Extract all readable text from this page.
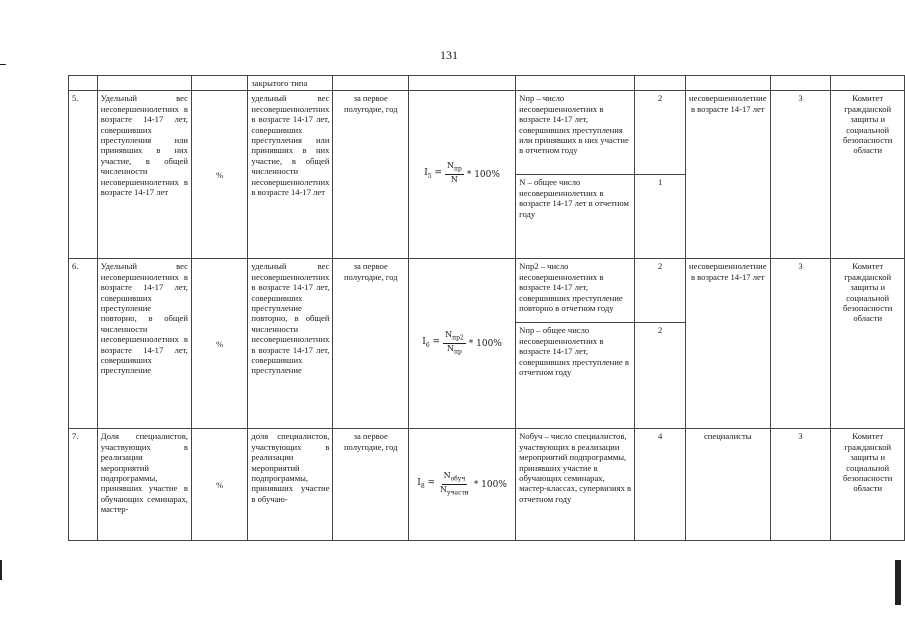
131
			закрытого типа							
5.	Удельный вес несовершеннолетних в возрасте 14-17 лет, совершивших преступления или принявших в них участие, в общей численности несовершеннолетних в возрасте 14-17 лет	%	удельный вес несовершеннолетних в возрасте 14-17 лет, совершивших преступления или принявших в них участие, в общей численности несовершеннолетних в возрасте 14-17 лет	за первое полугодие, год	$I_5 = \frac{N_{пр}}{N} * 100\%$	Nпр – число несовершеннолетних в возрасте 14-17 лет, совершивших преступления или принявших в них участие в отчетном году	2	несовершеннолетние в возрасте 14-17 лет	3	Комитет гражданской защиты и социальной безопасности области
						N – общее число несовершеннолетних в возрасте 14-17 лет в отчетном году	1			
6.	Удельный вес несовершеннолетних в возрасте 14-17 лет, совершивших преступление повторно, в общей численности несовершеннолетних в возрасте 14-17 лет, совершивших преступление	%	удельный вес несовершеннолетних в возрасте 14-17 лет, совершивших преступление повторно, в общей численности несовершеннолетних в возрасте 14-17 лет, совершивших преступление	за первое полугодие, год	$I_6 = \frac{N_{пр2}}{N_{пр}} * 100\%$	Nпр2 – число несовершеннолетних в возрасте 14-17 лет, совершивших преступление повторно в отчетном году	2	несовершеннолетние в возрасте 14-17 лет	3	Комитет гражданской защиты и социальной безопасности области
						Nпр – общее число несовершеннолетних в возрасте 14-17 лет, совершивших преступление в отчетном году	2			
7.	Доля специалистов, участвующих в реализации мероприятий подпрограммы, принявших участие в обучающих семинарах, мастер-	%	доля специалистов, участвующих в реализации мероприятий подпрограммы, принявших участие в обучаю-	за первое полугодие, год	$I_8 = \frac{N_{обуч}}{N_{участн}} * 100\%$	Nобуч – число специалистов, участвующих в реализации мероприятий подпрограммы, принявших участие в обучающих семинарах, мастер-классах, супервизиях в отчетном году	4	специалисты	3	Комитет гражданской защиты и социальной безопасности области
